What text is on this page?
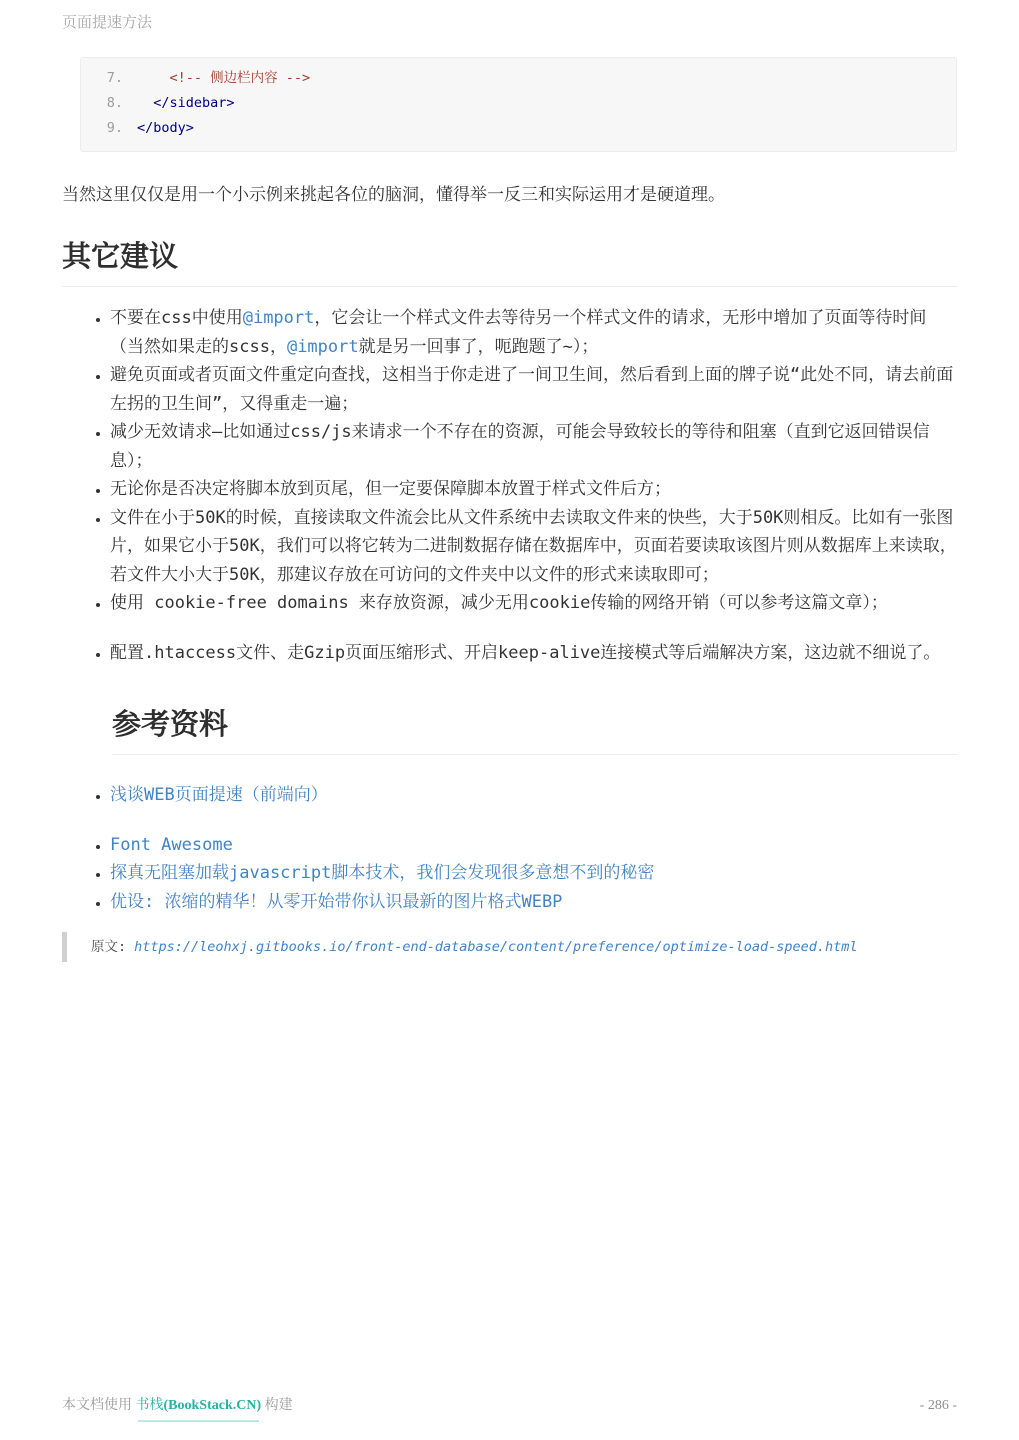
页面提速方法
7. <!-- 侧边栏内容 -->
8. </sidebar>
9. </body>

当然这里仅仅是用一个小示例来挑起各位的脑洞，懂得举一反三和实际运用才是硬道理。

其它建议
• 不要在css中使用@import，它会让一个样式文件去等待另一个样式文件的请求，无形中增加了页面等待时间（当然如果走的scss，@import就是另一回事了，呃跑题了~）；
• 避免页面或者页面文件重定向查找，这相当于你走进了一间卫生间，然后看到上面的牌子说“此处不同，请去前面左拐的卫生间”，又得重走一遍；
• 减少无效请求—比如通过css/js来请求一个不存在的资源，可能会导致较长的等待和阻塞（直到它返回错误信息）；
• 无论你是否决定将脚本放到页尾，但一定要保障脚本放置于样式文件后方；
• 文件在小于50K的时候，直接读取文件流会比从文件系统中去读取文件来的快些，大于50K则相反。比如有一张图片，如果它小于50K，我们可以将它转为二进制数据存储在数据库中，页面若要读取该图片则从数据库上来读取，若文件大小大于50K，那建议存放在可访问的文件夹中以文件的形式来读取即可；
• 使用 cookie-free domains 来存放资源，减少无用cookie传输的网络开销（可以参考这篇文章）；
• 配置.htaccess文件、走Gzip页面压缩形式、开启keep-alive连接模式等后端解决方案，这边就不细说了。
参考资料
• 浅谈WEB页面提速（前端向）
• Font Awesome
• 探真无阻塞加载javascript脚本技术，我们会发现很多意想不到的秘密
• 优设: 浓缩的精华！从零开始带你认识最新的图片格式WEBP
原文: https://leohxj.gitbooks.io/front-end-database/content/preference/optimize-load-speed.html
本文档使用 书栈(BookStack.CN) 构建	- 286 -
